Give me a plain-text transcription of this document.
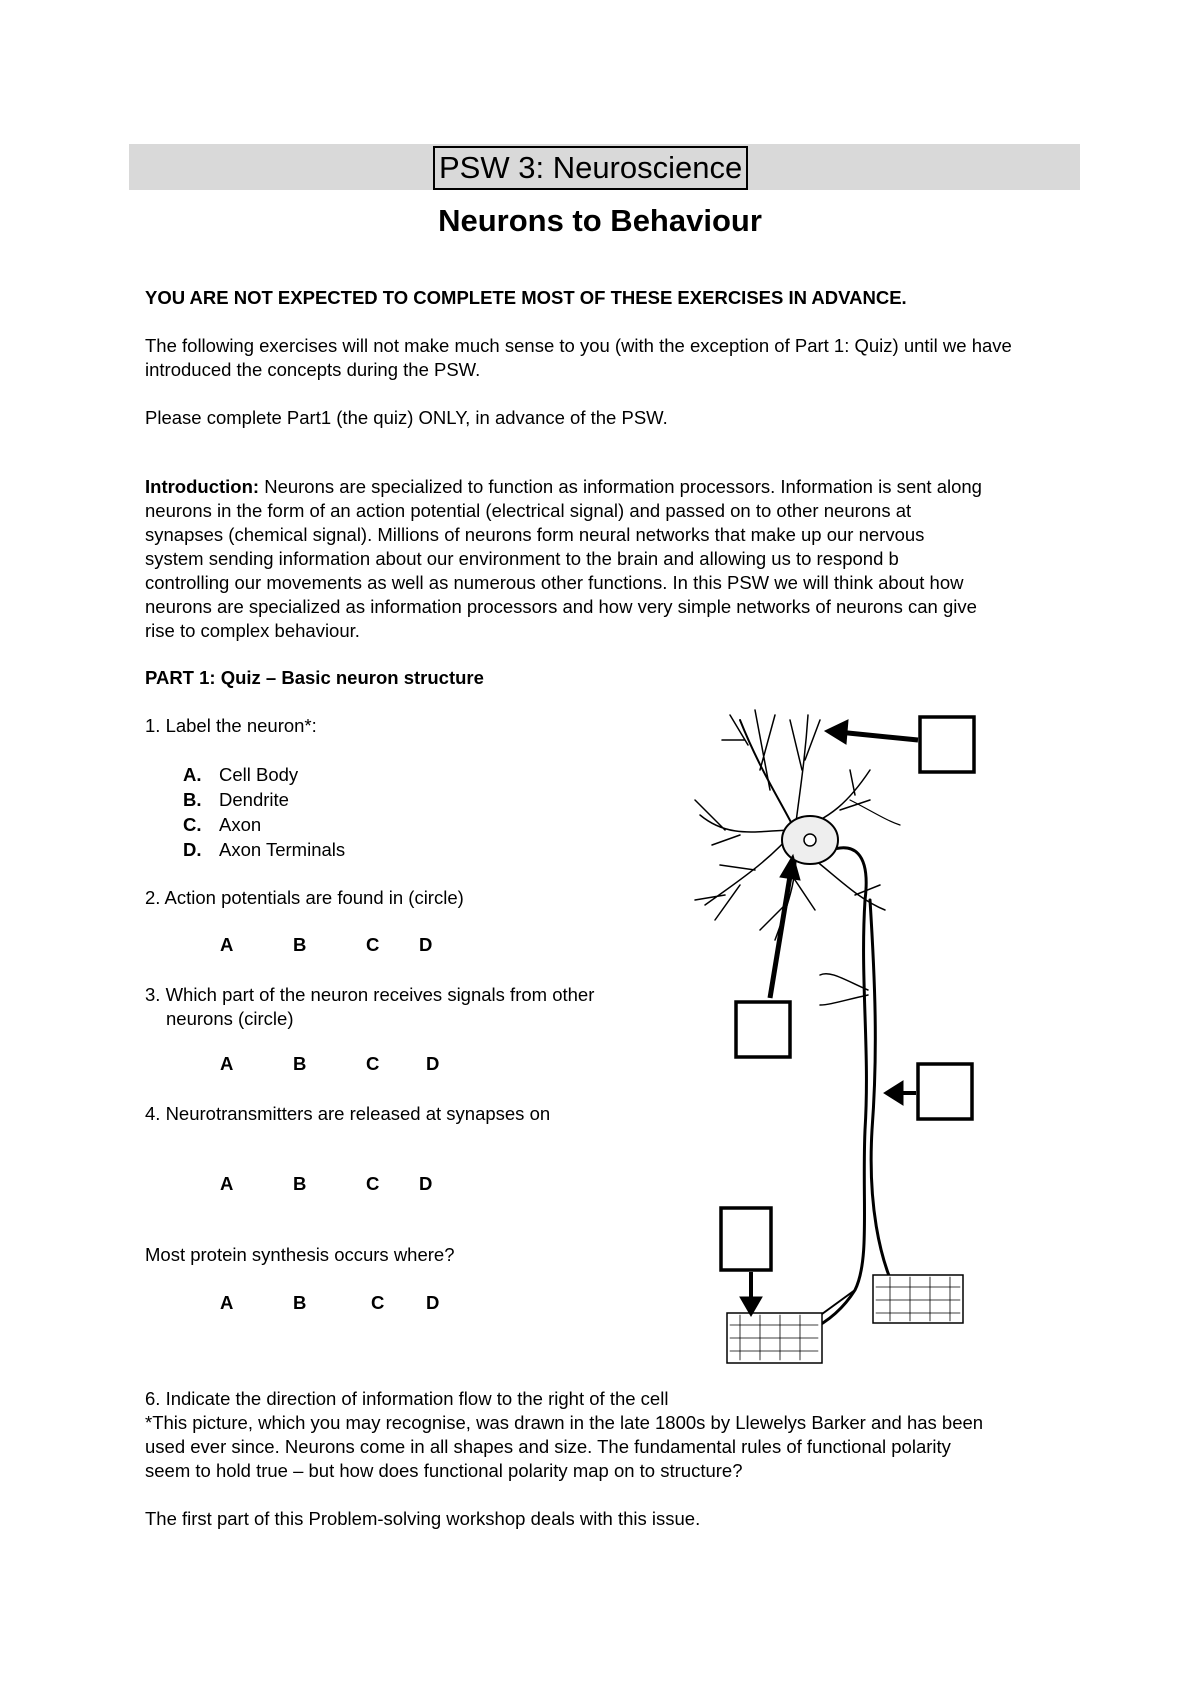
PSW 3: Neuroscience
Neurons to Behaviour
YOU ARE NOT EXPECTED TO COMPLETE MOST OF THESE EXERCISES IN ADVANCE.
The following exercises will not make much sense to you (with the exception of Part 1: Quiz) until we have
introduced the concepts during the PSW.
Please complete Part1 (the quiz) ONLY, in advance of the PSW.
Introduction: Neurons are specialized to function as information processors. Information is sent along
neurons in the form of an action potential (electrical signal) and passed on to other neurons at
synapses (chemical signal). Millions of neurons form neural networks that make up our nervous
system sending information about our environment to the brain and allowing us to respond b
controlling our movements as well as numerous other functions. In this PSW we will think about how
neurons are specialized as information processors and how very simple networks of neurons can give
rise to complex behaviour.
PART 1: Quiz – Basic neuron structure
1. Label the neuron*:
A. Cell Body
B. Dendrite
C. Axon
D. Axon Terminals
2. Action potentials are found in (circle)
A	B	C D
3. Which part of the neuron receives signals from other
neurons (circle)
A	B	C	D
4. Neurotransmitters are released at synapses on
A	B	C D
Most protein synthesis occurs where?
A	B	C D
6. Indicate the direction of information flow to the right of the cell
*This picture, which you may recognise, was drawn in the late 1800s by Llewelys Barker and has been
used ever since. Neurons come in all shapes and size. The fundamental rules of functional polarity
seem to hold true – but how does functional polarity map on to structure?
The first part of this Problem-solving workshop deals with this issue.
